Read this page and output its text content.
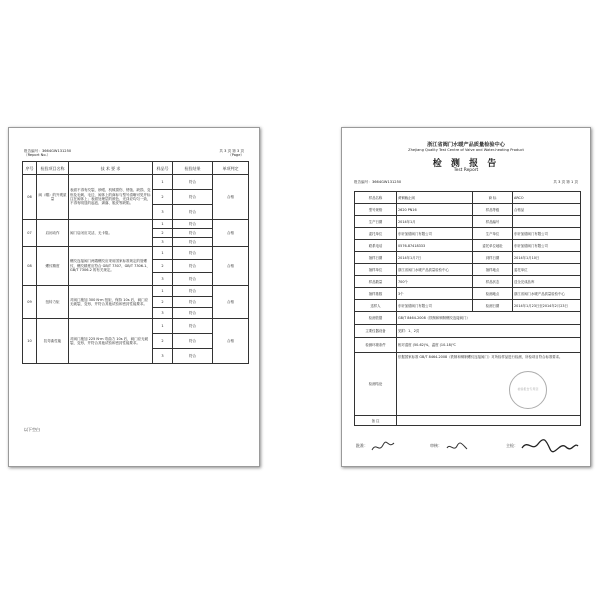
报告编号：3664GW131250
（Report No.）
共 3 页 第 3 页
（Page）
序号	检验项目名称	技 术 要 求	样品号	检验结果	单项判定
06	阀（帽）的外观质量	表面不得有纹裂、砂眼、机械损伤、锈蚀、缺损、变形及毛刺、毛边，阀体上的商标与型号清晰可见并标注在阀体上；表面处理层的颜色、光泽应均匀一致，不得有明显的起泡、剥落、脱皮等缺陷。	1	符合	合格
			2	符合	
			3	符合	
07	启闭动作	阀门启闭应灵活，无卡阻。	1	符合	合格
			2	符合	
			3	符合	
08	螺纹精度	螺纹连接阀门两端螺纹应采用国家标准规定的管螺纹，螺纹精度应符合 GB/T 7307、GB/T 7306.1、GB/T 7306.2 的有关规定。	1	符合	合格
			2	符合	
			3	符合	
09	扭转力矩	对阀门施加 300 N·m 扭矩，保持 10s 后，阀门应无破裂、变形，并符合其他试验和密封性能要求。	1	符合	合格
			2	符合	
			3	符合	
10	抗弯曲性能	对阀门施加 225 N·m 弯曲力 10s 后，阀门应无破裂、变形，并符合其他试验和密封性能要求。	1	符合	合格
			2	符合	
			3	符合	
以下空白
浙江省阀门水暖产品质量检验中心
Zhejiang Quality Test Centre of Valve and Water-heating Product
检 测 报 告
Test Report
报告编号：3664GW131250	共 3 页 第 1 页
样品名称	黄铜截止阀	商 标	ARCO
型号规格	2620 PN16	样品等级	合格品
生产日期	2014年1月	样品编号	
委托单位	东轩加德阀门有限公司	生产单位	东轩加德阀门有限公司
联系电话	0576-87418333	委托单位地址	东轩加德阀门有限公司
抽样日期	2014年1月7日	到样日期	2014年1月10日
抽样单位	浙江省阀门水暖产品质量检验中心	抽样地点	委托单位
样品数量	700个	样品状态	送全完成品库
抽样基数	3个	检测地点	浙江省阀门水暖产品质量检验中心
送样人	东轩加德阀门有限公司	检测日期	2014年1月23日至2014年2月23日
检测依据	GB/T 8464-2008《铁制和铜制螺纹连接阀门》		
主要仪器设备	见附：1、2页		
检测环境条件	相对湿度 (50-62)%，温度 (10-18)℃		
检测结论	依据国家标准 GB/T 8464-2008《铁制和铜制螺纹连接阀门》对所检样品进行检测，所检项目符合标准要求。
检验报告专用章		

备 注			
批准：	审核：	主检：
